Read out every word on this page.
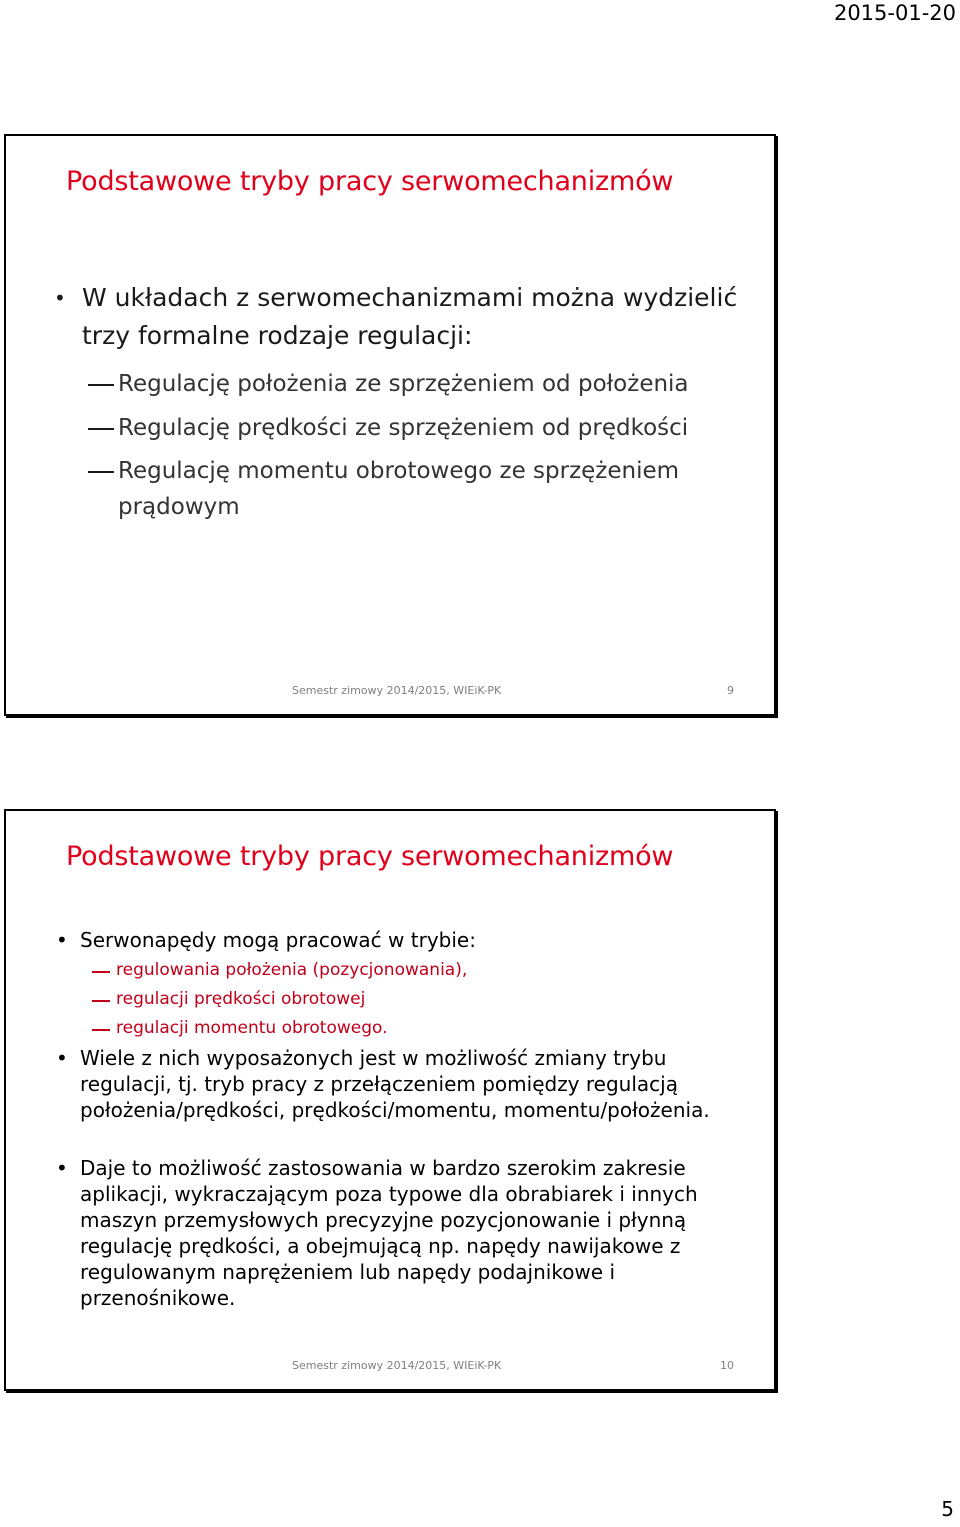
2015-01-20
Podstawowe tryby pracy serwomechanizmów
• W układach z serwomechanizmami można wydzielić trzy formalne rodzaje regulacji:
Regulację położenia ze sprzężeniem od położenia
Regulację prędkości ze sprzężeniem od prędkości
Regulację momentu obrotowego ze sprzężeniem prądowym
Semestr zimowy 2014/2015, WIEiK-PK	9
Podstawowe tryby pracy serwomechanizmów
• Serwonapędy mogą pracować w trybie:
regulowania położenia (pozycjonowania),
regulacji prędkości obrotowej
regulacji momentu obrotowego.
• Wiele z nich wyposażonych jest w możliwość zmiany trybu regulacji, tj. tryb pracy z przełączeniem pomiędzy regulacją położenia/prędkości, prędkości/momentu, momentu/położenia.
• Daje to możliwość zastosowania w bardzo szerokim zakresie aplikacji, wykraczającym poza typowe dla obrabiarek i innych maszyn przemysłowych precyzyjne pozycjonowanie i płynną regulację prędkości, a obejmującą np. napędy nawijakowe z regulowanym naprężeniem lub napędy podajnikowe i przenośnikowe.
Semestr zimowy 2014/2015, WIEiK-PK	10
5
